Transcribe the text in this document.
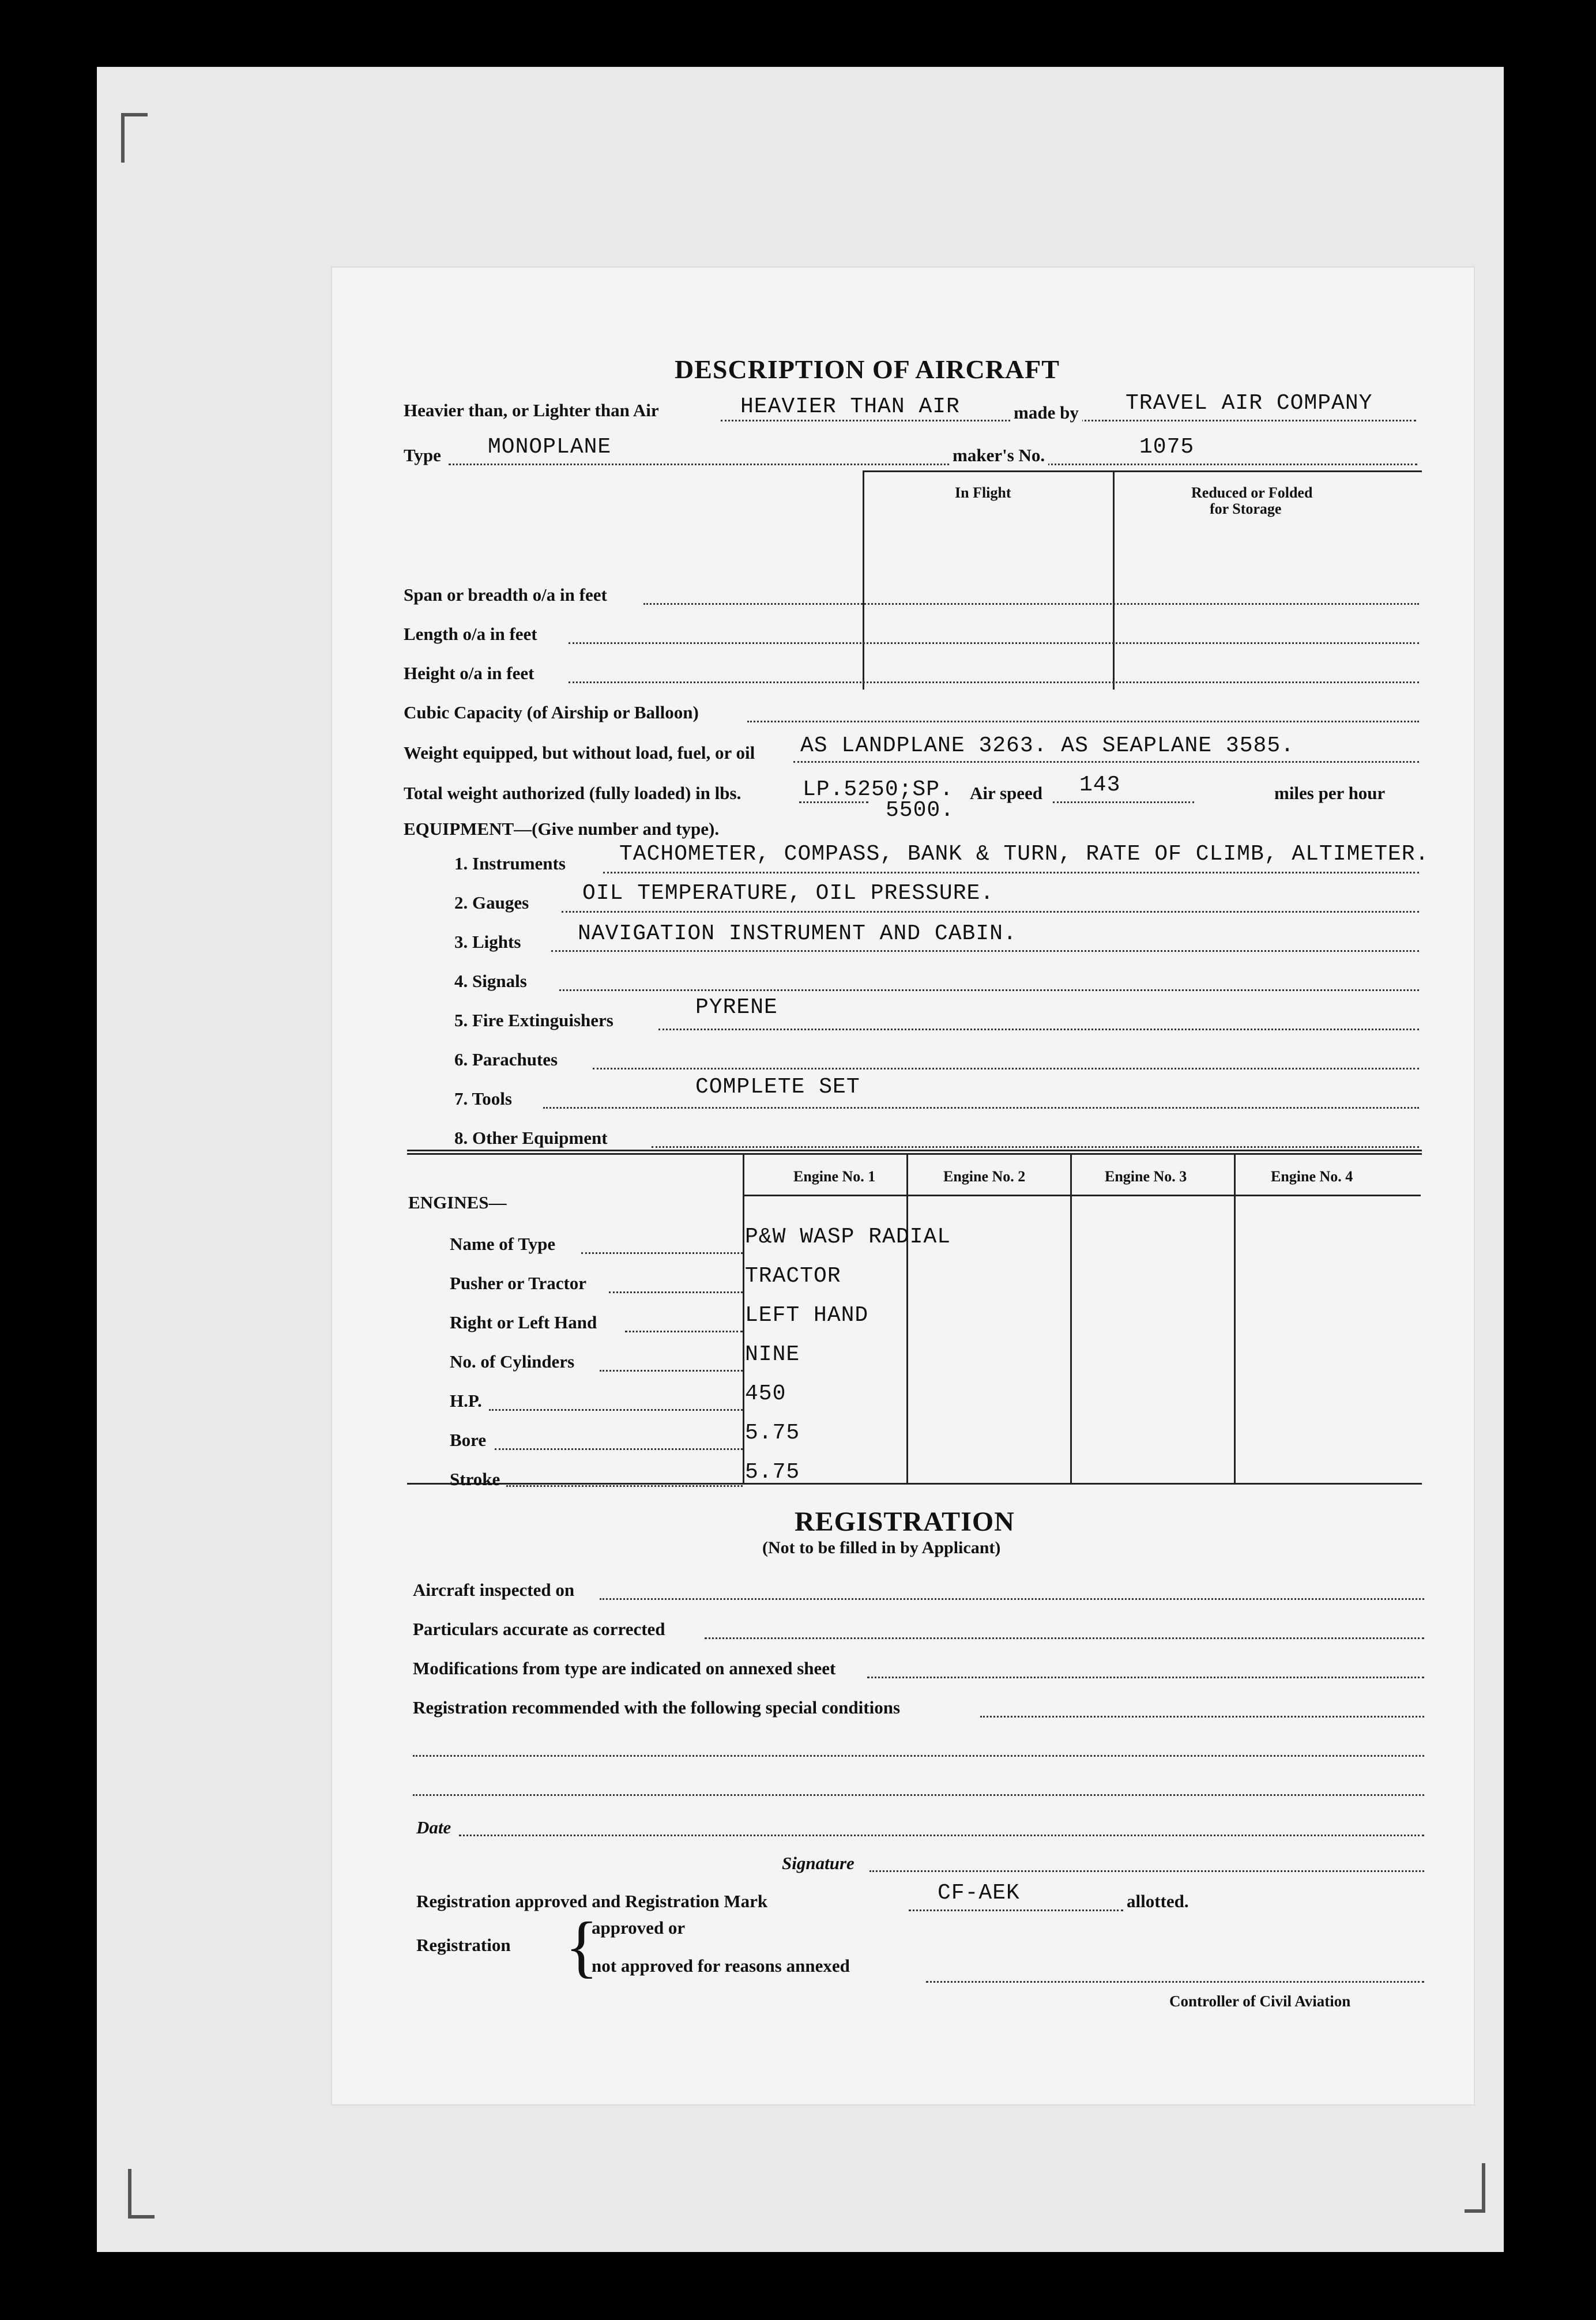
DESCRIPTION OF AIRCRAFT
Heavier than, or Lighter than Air	HEAVIER THAN AIR	made by TRAVEL AIR COMPANY
Type MONOPLANE	maker's No.	1075
In Flight	Reduced or Folded
for Storage
Span or breadth o/a in feet
Length o/a in feet
Height o/a in feet
Cubic Capacity (of Airship or Balloon)
Weight equipped, but without load, fuel, or oil AS LANDPLANE 3263. AS SEAPLANE 3585.
Total weight authorized (fully loaded) in lbs.	LP.5250;SP.
5500.
Air speed 143	miles per hour
EQUIPMENT—(Give number and type).
1. Instruments TACHOMETER, COMPASS, BANK & TURN, RATE OF CLIMB, ALTIMETER.
2. Gauges OIL TEMPERATURE, OIL PRESSURE.
3. Lights	NAVIGATION INSTRUMENT AND CABIN.
4. Signals
5. Fire Extinguishers
PYRENE
6. Parachutes
7. Tools	COMPLETE SET
8. Other Equipment
ENGINES—
Engine No. 1	Engine No. 2	Engine No. 3	Engine No. 4
Name of Type	P&W WASP RADIAL
Pusher or Tractor	TRACTOR
Right or Left Hand	LEFT HAND
No. of Cylinders	NINE
H.P.	450
Bore	5.75
Stroke	5.75
REGISTRATION
(Not to be filled in by Applicant)
Aircraft inspected on
Particulars accurate as corrected
Modifications from type are indicated on annexed sheet
Registration recommended with the following special conditions
Date
Signature
Registration approved and Registration Mark	CF-AEK	allotted.
Registration {
approved or
not approved for reasons annexed
Controller of Civil Aviation
